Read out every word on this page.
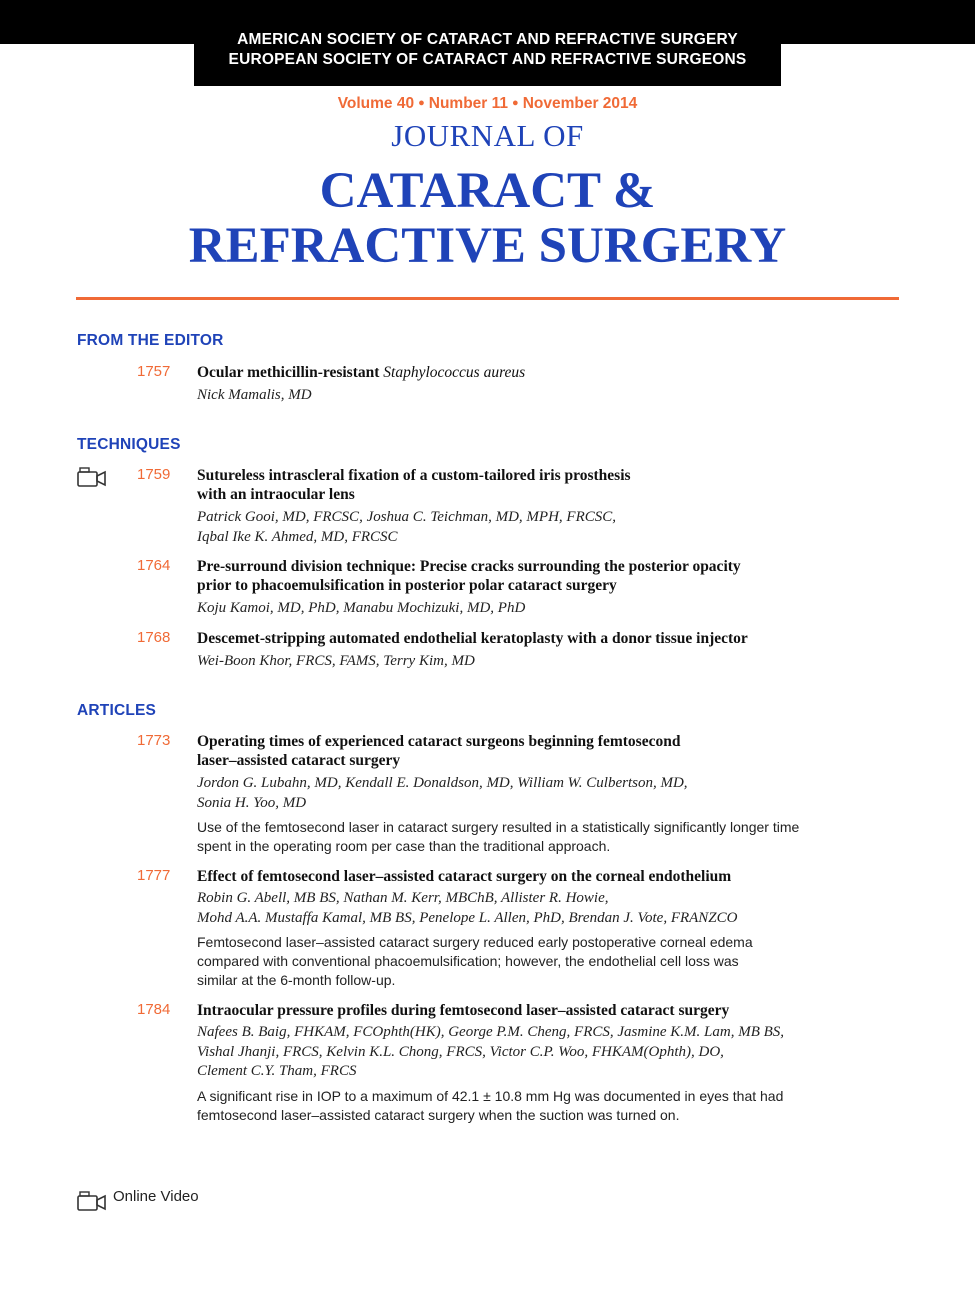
AMERICAN SOCIETY OF CATARACT AND REFRACTIVE SURGERY
EUROPEAN SOCIETY OF CATARACT AND REFRACTIVE SURGEONS
Volume 40 ● Number 11 ● November 2014
JOURNAL OF
CATARACT &
REFRACTIVE SURGERY
FROM THE EDITOR
1757 Ocular methicillin-resistant Staphylococcus aureus
Nick Mamalis, MD
TECHNIQUES
1759 Sutureless intrascleral fixation of a custom-tailored iris prosthesis
with an intraocular lens
Patrick Gooi, MD, FRCSC, Joshua C. Teichman, MD, MPH, FRCSC,
Iqbal Ike K. Ahmed, MD, FRCSC
1764 Pre-surround division technique: Precise cracks surrounding the posterior opacity
prior to phacoemulsification in posterior polar cataract surgery
Koju Kamoi, MD, PhD, Manabu Mochizuki, MD, PhD
1768 Descemet-stripping automated endothelial keratoplasty with a donor tissue injector
Wei-Boon Khor, FRCS, FAMS, Terry Kim, MD
ARTICLES
1773 Operating times of experienced cataract surgeons beginning femtosecond
laser–assisted cataract surgery
Jordon G. Lubahn, MD, Kendall E. Donaldson, MD, William W. Culbertson, MD,
Sonia H. Yoo, MD
Use of the femtosecond laser in cataract surgery resulted in a statistically significantly longer time
spent in the operating room per case than the traditional approach.
1777 Effect of femtosecond laser–assisted cataract surgery on the corneal endothelium
Robin G. Abell, MB BS, Nathan M. Kerr, MBChB, Allister R. Howie,
Mohd A.A. Mustaffa Kamal, MB BS, Penelope L. Allen, PhD, Brendan J. Vote, FRANZCO
Femtosecond laser–assisted cataract surgery reduced early postoperative corneal edema
compared with conventional phacoemulsification; however, the endothelial cell loss was
similar at the 6-month follow-up.
1784 Intraocular pressure profiles during femtosecond laser–assisted cataract surgery
Nafees B. Baig, FHKAM, FCOphth(HK), George P.M. Cheng, FRCS, Jasmine K.M. Lam, MB BS,
Vishal Jhanji, FRCS, Kelvin K.L. Chong, FRCS, Victor C.P. Woo, FHKAM(Ophth), DO,
Clement C.Y. Tham, FRCS
A significant rise in IOP to a maximum of 42.1 ± 10.8 mm Hg was documented in eyes that had
femtosecond laser–assisted cataract surgery when the suction was turned on.
Online Video
